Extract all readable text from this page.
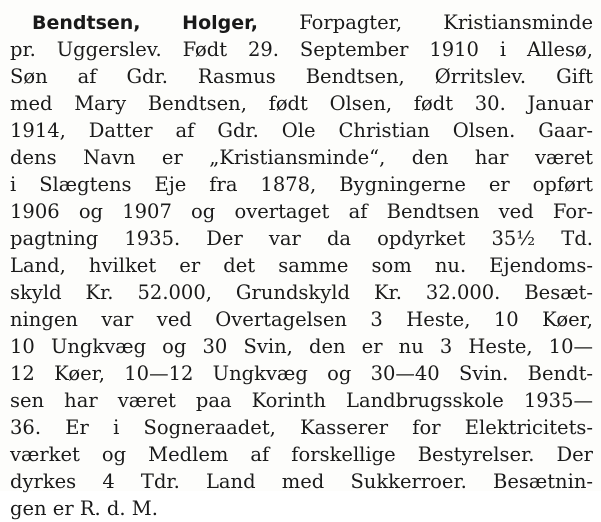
Bendtsen, Holger, Forpagter, Kristiansminde
pr. Uggerslev. Født 29. September 1910 i Allesø,
Søn af Gdr. Rasmus Bendtsen, Ørritslev. Gift
med Mary Bendtsen, født Olsen, født 30. Januar
1914, Datter af Gdr. Ole Christian Olsen. Gaar-
dens Navn er „Kristiansminde“, den har været
i Slægtens Eje fra 1878, Bygningerne er opført
1906 og 1907 og overtaget af Bendtsen ved For-
pagtning 1935. Der var da opdyrket 35½ Td.
Land, hvilket er det samme som nu. Ejendoms-
skyld Kr. 52.000, Grundskyld Kr. 32.000. Besæt-
ningen var ved Overtagelsen 3 Heste, 10 Køer,
10 Ungkvæg og 30 Svin, den er nu 3 Heste, 10—
12 Køer, 10—12 Ungkvæg og 30—40 Svin. Bendt-
sen har været paa Korinth Landbrugsskole 1935—
36. Er i Sogneraadet, Kasserer for Elektricitets-
værket og Medlem af forskellige Bestyrelser. Der
dyrkes 4 Tdr. Land med Sukkerroer. Besætnin-
gen er R. d. M.
